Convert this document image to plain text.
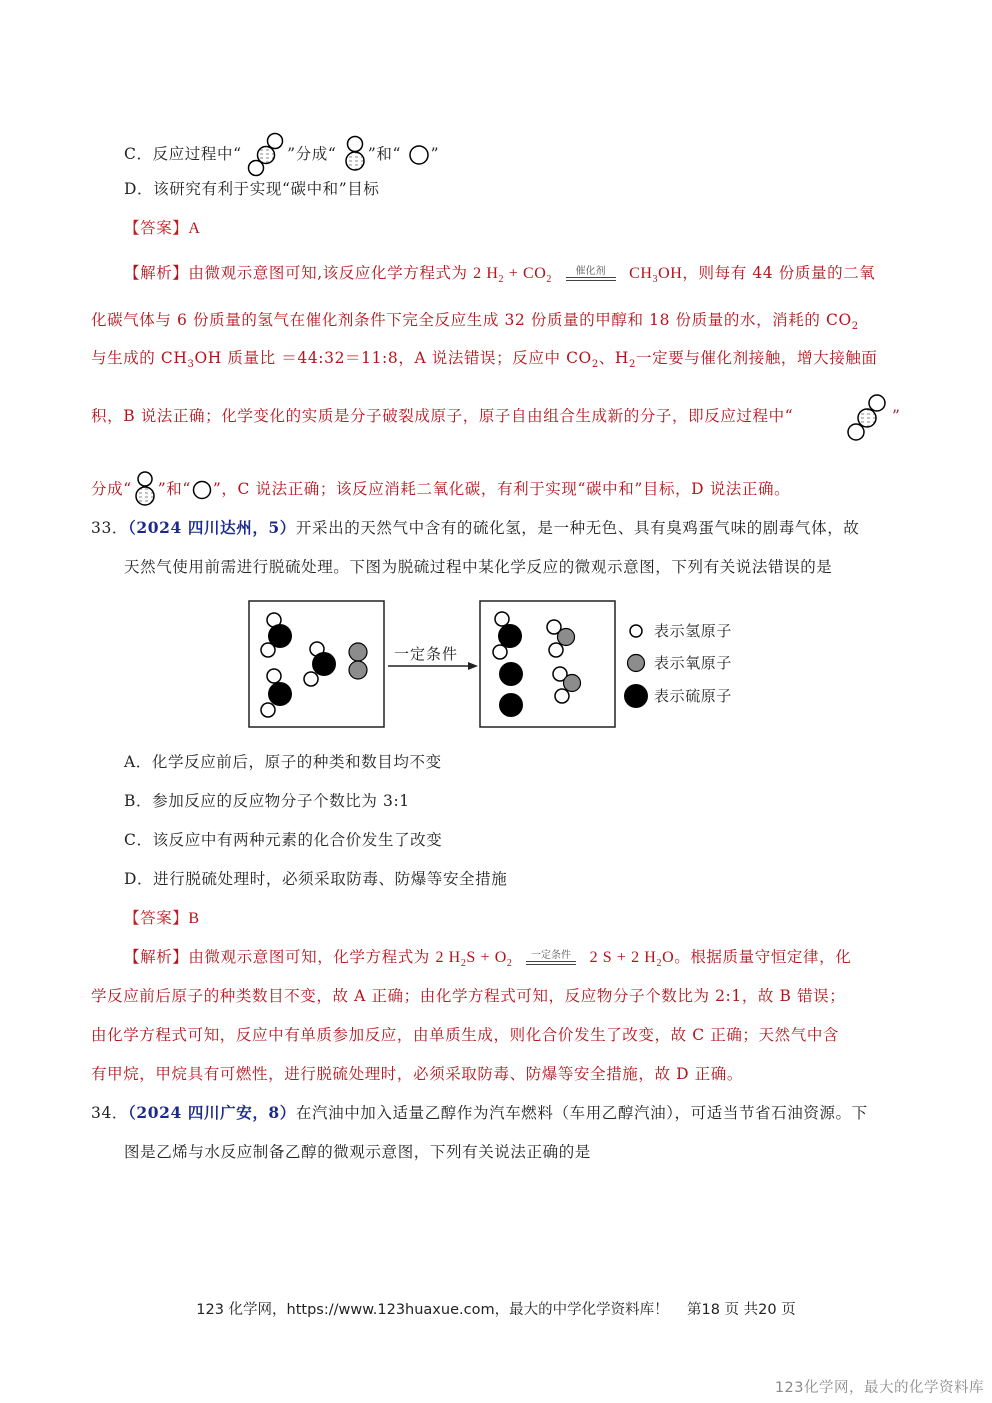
C．反应过程中“	”分成“ ”和“ ”
D．该研究有利于实现“碳中和”目标
【答案】A
【解析】由微观示意图可知,该反应化学方程式为 2 $H_2 + CO_2$
催化剂	$CH_3OH$，则每有 44 份质量的二氧
化碳气体与 6 份质量的氢气在催化剂条件下完全反应生成 32 份质量的甲醇和 18 份质量的水，消耗的 $CO_2$
与生成的 $CH_3OH$ 质量比 ＝44:32＝11:8，A 说法错误；反应中 $CO_2$、$H_2$一定要与催化剂接触，增大接触面
积，B 说法正确；化学变化的实质是分子破裂成原子，原子自由组合生成新的分子，即反应过程中“	”
分成“ ”和“ ”，C 说法正确；该反应消耗二氧化碳，有利于实现“碳中和”目标，D 说法正确。
33．（2024 四川达州，5）开采出的天然气中含有的硫化氢，是一种无色、具有臭鸡蛋气味的剧毒气体，故
天然气使用前需进行脱硫处理。下图为脱硫过程中某化学反应的微观示意图，下列有关说法错误的是
一定条件
表示氢原子
表示氧原子
表示硫原子
A．化学反应前后，原子的种类和数目均不变
B．参加反应的反应物分子个数比为 3:1
C．该反应中有两种元素的化合价发生了改变
D．进行脱硫处理时，必须采取防毒、防爆等安全措施
【答案】B
【解析】由微观示意图可知，化学方程式为 2 $H_2S + O_2$
一定条件	2 S + 2 $H_2O$。根据质量守恒定律，化
学反应前后原子的种类数目不变，故 A 正确；由化学方程式可知，反应物分子个数比为 2:1，故 B 错误；
由化学方程式可知，反应中有单质参加反应，由单质生成，则化合价发生了改变，故 C 正确；天然气中含
有甲烷，甲烷具有可燃性，进行脱硫处理时，必须采取防毒、防爆等安全措施，故 D 正确。
34．（2024 四川广安，8）在汽油中加入适量乙醇作为汽车燃料（车用乙醇汽油），可适当节省石油资源。下
图是乙烯与水反应制备乙醇的微观示意图，下列有关说法正确的是
123 化学网，https://www.123huaxue.com，最大的中学化学资料库！ 第18 页 共20 页
123化学网，最大的化学资料库
